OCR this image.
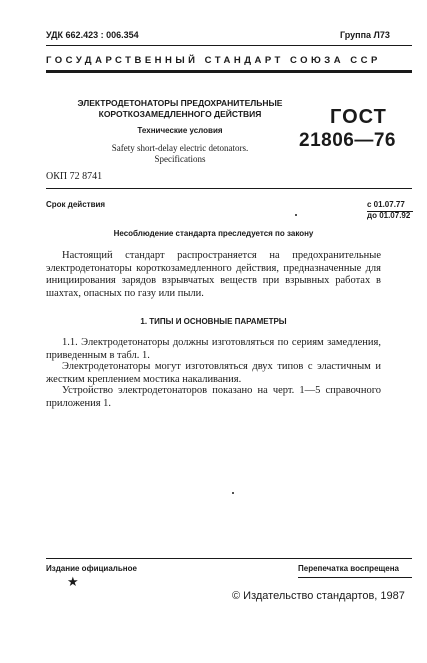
УДК 662.423 : 006.354	Группа Л73
ГОСУДАРСТВЕННЫЙ СТАНДАРТ СОЮЗА ССР
ЭЛЕКТРОДЕТОНАТОРЫ ПРЕДОХРАНИТЕЛЬНЫЕ
КОРОТКОЗАМЕДЛЕННОГО ДЕЙСТВИЯ
Технические условия
Safety short-delay electric detonators.
Specifications
ГОСТ
21806—76
ОКП 72 8741
Срок действия	с 01.07.77
до 01.07.92
Несоблюдение стандарта преследуется по закону
Настоящий стандарт распространяется на предохранительные электродетонаторы короткозамедленного действия, предназначенные для инициирования зарядов взрывчатых веществ при взрывных работах в шахтах, опасных по газу или пыли.
1. ТИПЫ И ОСНОВНЫЕ ПАРАМЕТРЫ
1.1. Электродетонаторы должны изготовляться по сериям замедления, приведенным в табл. 1.
Электродетонаторы могут изготовляться двух типов с эластичным и жестким креплением мостика накаливания.
Устройство электродетонаторов показано на черт. 1—5 справочного приложения 1.
Издание официальное
★
Перепечатка воспрещена
© Издательство стандартов, 1987
